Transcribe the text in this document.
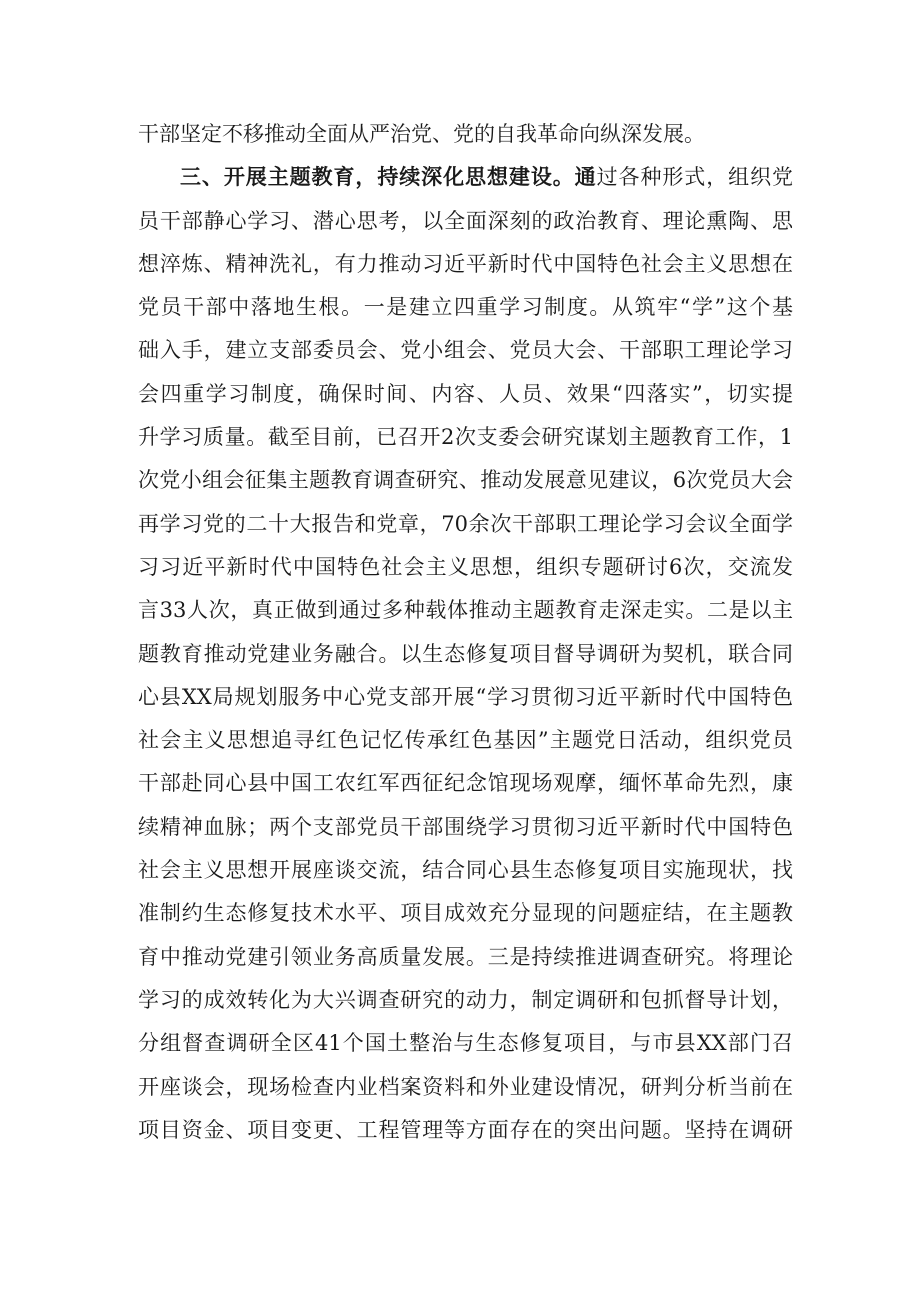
干部坚定不移推动全面从严治党、党的自我革命向纵深发展。
三、开展主题教育，持续深化思想建设。通过各种形式，组织党
员干部静心学习、潜心思考，以全面深刻的政治教育、理论熏陶、思
想淬炼、精神洗礼，有力推动习近平新时代中国特色社会主义思想在
党员干部中落地生根。一是建立四重学习制度。从筑牢“学”这个基
础入手，建立支部委员会、党小组会、党员大会、干部职工理论学习
会四重学习制度，确保时间、内容、人员、效果“四落实”，切实提
升学习质量。截至目前，已召开2次支委会研究谋划主题教育工作，1
次党小组会征集主题教育调查研究、推动发展意见建议，6次党员大会
再学习党的二十大报告和党章，70余次干部职工理论学习会议全面学
习习近平新时代中国特色社会主义思想，组织专题研讨6次，交流发
言33人次，真正做到通过多种载体推动主题教育走深走实。二是以主
题教育推动党建业务融合。以生态修复项目督导调研为契机，联合同
心县XX局规划服务中心党支部开展“学习贯彻习近平新时代中国特色
社会主义思想追寻红色记忆传承红色基因”主题党日活动，组织党员
干部赴同心县中国工农红军西征纪念馆现场观摩，缅怀革命先烈，康
续精神血脉；两个支部党员干部围绕学习贯彻习近平新时代中国特色
社会主义思想开展座谈交流，结合同心县生态修复项目实施现状，找
准制约生态修复技术水平、项目成效充分显现的问题症结，在主题教
育中推动党建引领业务高质量发展。三是持续推进调查研究。将理论
学习的成效转化为大兴调查研究的动力，制定调研和包抓督导计划，
分组督查调研全区41个国土整治与生态修复项目，与市县XX部门召
开座谈会，现场检查内业档案资料和外业建设情况，研判分析当前在
项目资金、项目变更、工程管理等方面存在的突出问题。坚持在调研
